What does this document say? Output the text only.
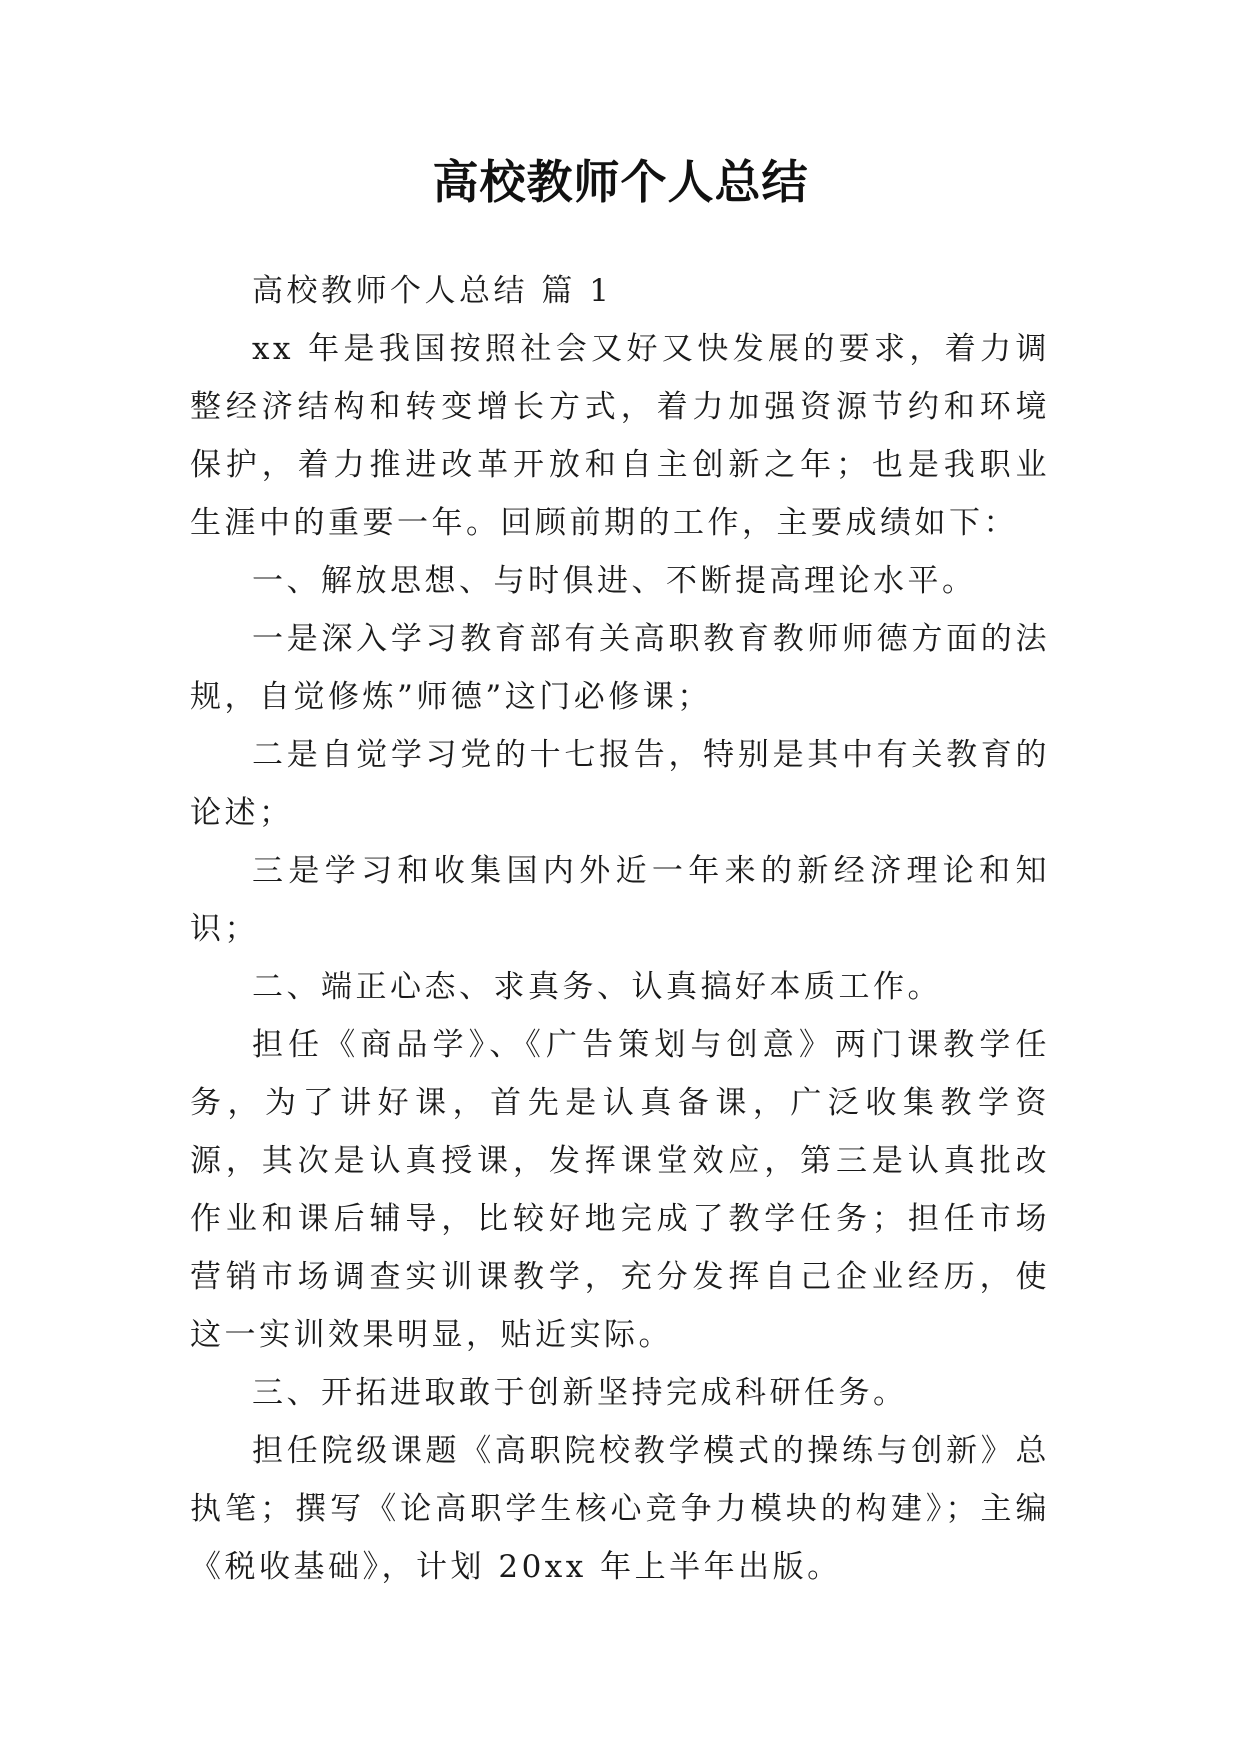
高校教师个人总结

高校教师个人总结 篇 1

xx 年是我国按照社会又好又快发展的要求，着力调整经济结构和转变增长方式，着力加强资源节约和环境保护，着力推进改革开放和自主创新之年；也是我职业生涯中的重要一年。回顾前期的工作，主要成绩如下：

一、解放思想、与时俱进、不断提高理论水平。

一是深入学习教育部有关高职教育教师师德方面的法规，自觉修炼”师德”这门必修课；

二是自觉学习党的十七报告，特别是其中有关教育的论述；

三是学习和收集国内外近一年来的新经济理论和知识；

二、端正心态、求真务、认真搞好本质工作。

担任《商品学》、《广告策划与创意》两门课教学任务，为了讲好课，首先是认真备课，广泛收集教学资源，其次是认真授课，发挥课堂效应，第三是认真批改作业和课后辅导，比较好地完成了教学任务；担任市场营销市场调查实训课教学，充分发挥自己企业经历，使这一实训效果明显，贴近实际。

三、开拓进取敢于创新坚持完成科研任务。

担任院级课题《高职院校教学模式的操练与创新》总执笔；撰写《论高职学生核心竞争力模块的构建》；主编《税收基础》，计划 20xx 年上半年出版。
